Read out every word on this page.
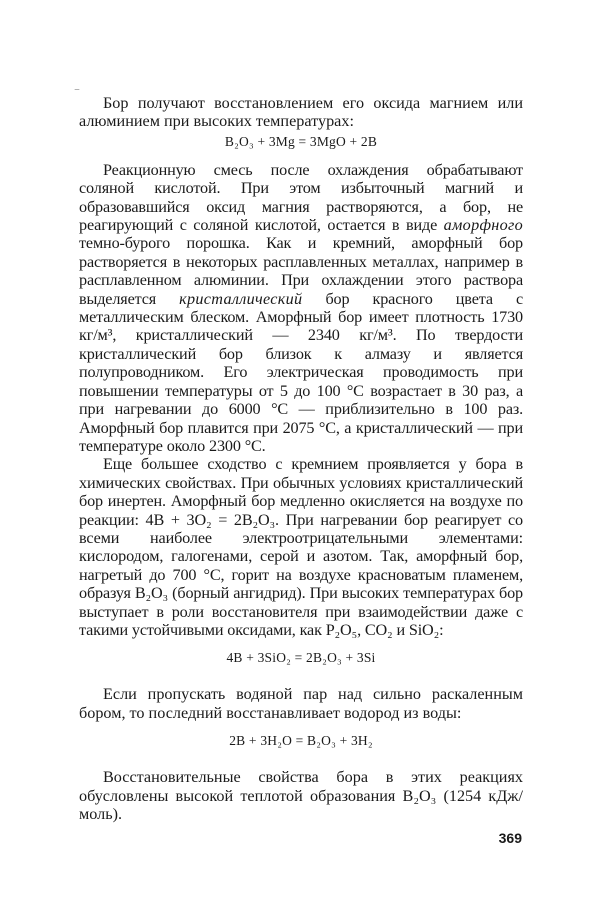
‾	Бор получают восстановлением его оксида магнием или алюминием при высоких температурах:

B₂O₃ + 3Mg = 3MgO + 2B

Реакционную смесь после охлаждения обрабатывают соляной кислотой. При этом избыточный магний и образовавшийся оксид магния растворяются, а бор, не реагирующий с соляной кислотой, остается в виде аморфного темно-бурого порошка. Как и кремний, аморфный бор растворяется в некоторых расплавленных металлах, например в расплавленном алюминии. При охлаждении этого раствора выделяется кристаллический бор красного цвета с металлическим блеском. Аморфный бор имеет плотность 1730 кг/м³, кристаллический — 2340 кг/м³. По твердости кристаллический бор близок к алмазу и является полупроводником. Его электрическая проводимость при повышении температуры от 5 до 100 °С возрастает в 30 раз, а при нагревании до 6000 °С — приблизительно в 100 раз. Аморфный бор плавится при 2075 °С, а кристаллический — при температуре около 2300 °С.

Еще большее сходство с кремнием проявляется у бора в химических свойствах. При обычных условиях кристаллический бор инертен. Аморфный бор медленно окисляется на воздухе по реакции: 4B + 3O₂ = 2B₂O₃. При нагревании бор реагирует со всеми наиболее электроотрицательными элементами: кислородом, галогенами, серой и азотом. Так, аморфный бор, нагретый до 700 °С, горит на воздухе красноватым пламенем, образуя B₂O₃ (борный ангидрид). При высоких температурах бор выступает в роли восстановителя при взаимодействии даже с такими устойчивыми оксидами, как P₂O₅, CO₂ и SiO₂:

4B + 3SiO₂ = 2B₂O₃ + 3Si

Если пропускать водяной пар над сильно раскаленным бором, то последний восстанавливает водород из воды:

2B + 3H₂O = B₂O₃ + 3H₂

Восстановительные свойства бора в этих реакциях обусловлены высокой теплотой образования B₂O₃ (1254 кДж/моль).

369
